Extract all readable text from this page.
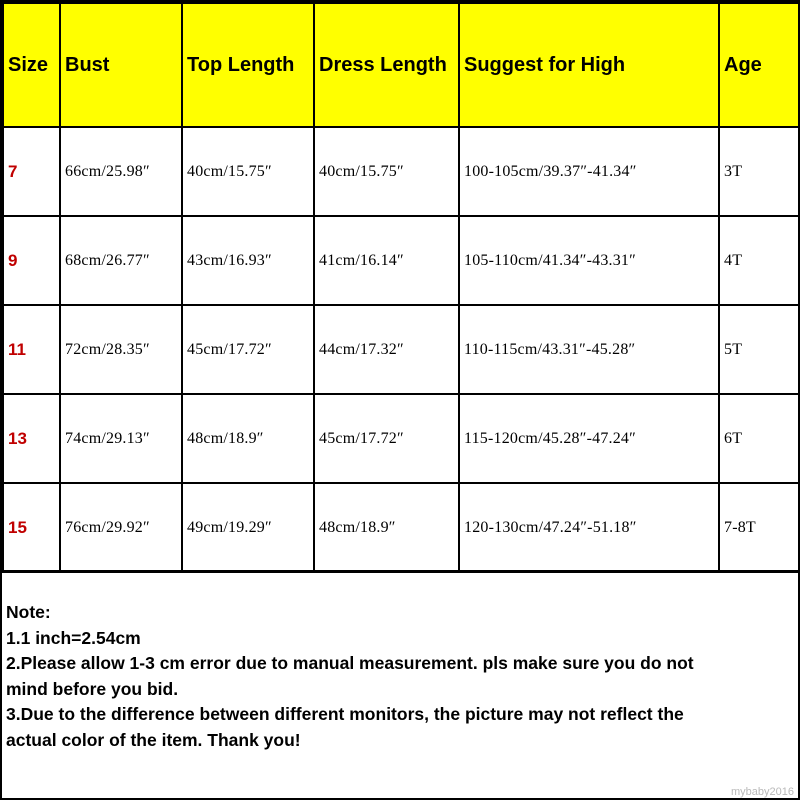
Size	Bust	Top Length	Dress Length	Suggest for High	Age
7	66cm/25.98″	40cm/15.75″	40cm/15.75″	100-105cm/39.37″-41.34″	3T
9	68cm/26.77″	43cm/16.93″	41cm/16.14″	105-110cm/41.34″-43.31″	4T
11	72cm/28.35″	45cm/17.72″	44cm/17.32″	110-115cm/43.31″-45.28″	5T
13	74cm/29.13″	48cm/18.9″	45cm/17.72″	115-120cm/45.28″-47.24″	6T
15	76cm/29.92″	49cm/19.29″	48cm/18.9″	120-130cm/47.24″-51.18″	7-8T
Note:
1.1 inch=2.54cm
2.Please allow 1-3 cm error due to manual measurement. pls make sure you do not
mind before you bid.
3.Due to the difference between different monitors, the picture may not reflect the
actual color of the item. Thank you!
mybaby2016
